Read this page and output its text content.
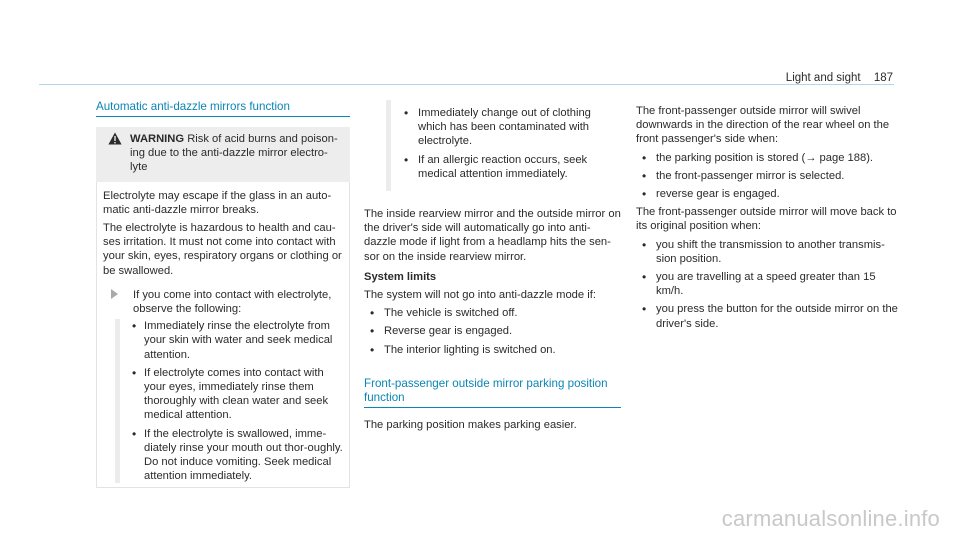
Light and sight 187
Automatic anti-dazzle mirrors function
WARNING Risk of acid burns and poison-ing due to the anti-dazzle mirror electro-lyte

Electrolyte may escape if the glass in an auto-matic anti-dazzle mirror breaks.

The electrolyte is hazardous to health and cau-ses irritation. It must not come into contact with your skin, eyes, respiratory organs or clothing or be swallowed.

If you come into contact with electrolyte, observe the following:
• Immediately rinse the electrolyte from your skin with water and seek medical attention.
• If electrolyte comes into contact with your eyes, immediately rinse them thoroughly with clean water and seek medical attention.
• If the electrolyte is swallowed, imme-diately rinse your mouth out thor-oughly. Do not induce vomiting. Seek medical attention immediately.
• Immediately change out of clothing which has been contaminated with electrolyte.
• If an allergic reaction occurs, seek medical attention immediately.

The inside rearview mirror and the outside mirror on the driver's side will automatically go into anti-dazzle mode if light from a headlamp hits the sen-sor on the inside rearview mirror.

System limits

The system will not go into anti-dazzle mode if:

• The vehicle is switched off.
• Reverse gear is engaged.
• The interior lighting is switched on.
Front-passenger outside mirror parking position function

The parking position makes parking easier.

The front-passenger outside mirror will swivel downwards in the direction of the rear wheel on the front passenger's side when:

• the parking position is stored (→ page 188).
• the front-passenger mirror is selected.
• reverse gear is engaged.

The front-passenger outside mirror will move back to its original position when:

• you shift the transmission to another transmis-sion position.
• you are travelling at a speed greater than 15 km/h.
• you press the button for the outside mirror on the driver's side.
carmanualsonline.info
